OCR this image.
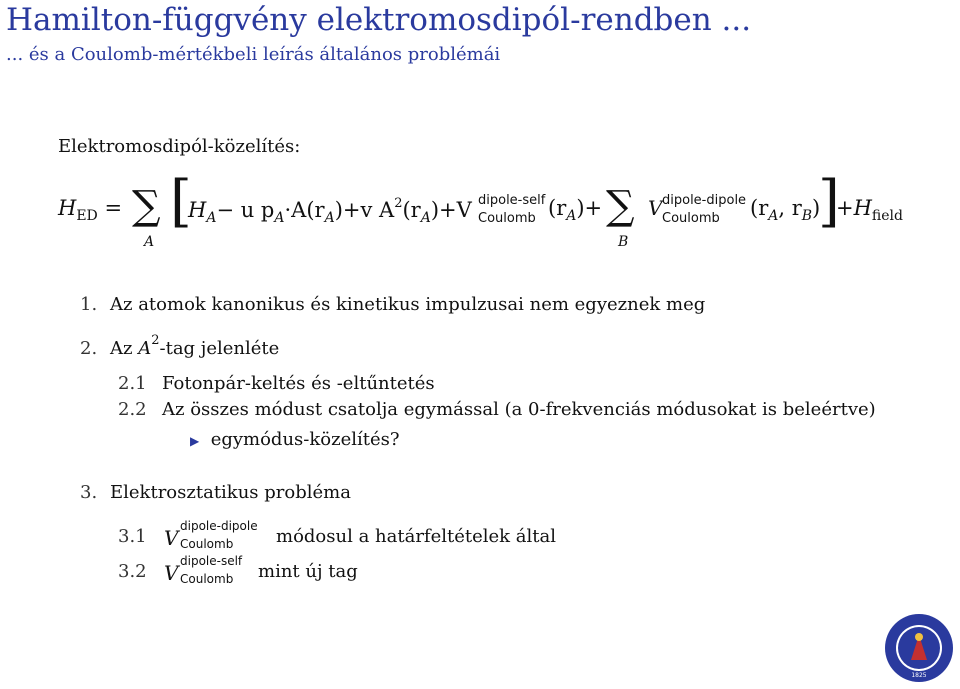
Hamilton-függvény elektromosdipól-rendben ...
... és a Coulomb-mértékbeli leírás általános problémái
Elektromosdipól-közelítés:
$H_{ED}$ = ∑
A
[
$H_A- u$ $p_A\cdot A(r_A)+v$ $A^2(r_A)+V$ dipole-self
Coulomb $(r_A)+$ ∑
B
V dipole-dipole
Coulomb ($r_A$, $r_B$)
]
$+H_{field}$
1. Az atomok kanonikus és kinetikus impulzusai nem egyeznek meg
2. Az $A^2$-tag jelenléte
2.1 Fotonpár-keltés és -eltűntetés
2.2 Az összes módust csatolja egymással (a 0-frekvenciás módusokat is beleértve)
▶ egymódus-közelítés?
3. Elektrosztatikus probléma
3.1 V dipole-dipole
Coulomb módosul a határfeltételek által
3.2 V dipole-self
Coulomb mint új tag
1825
